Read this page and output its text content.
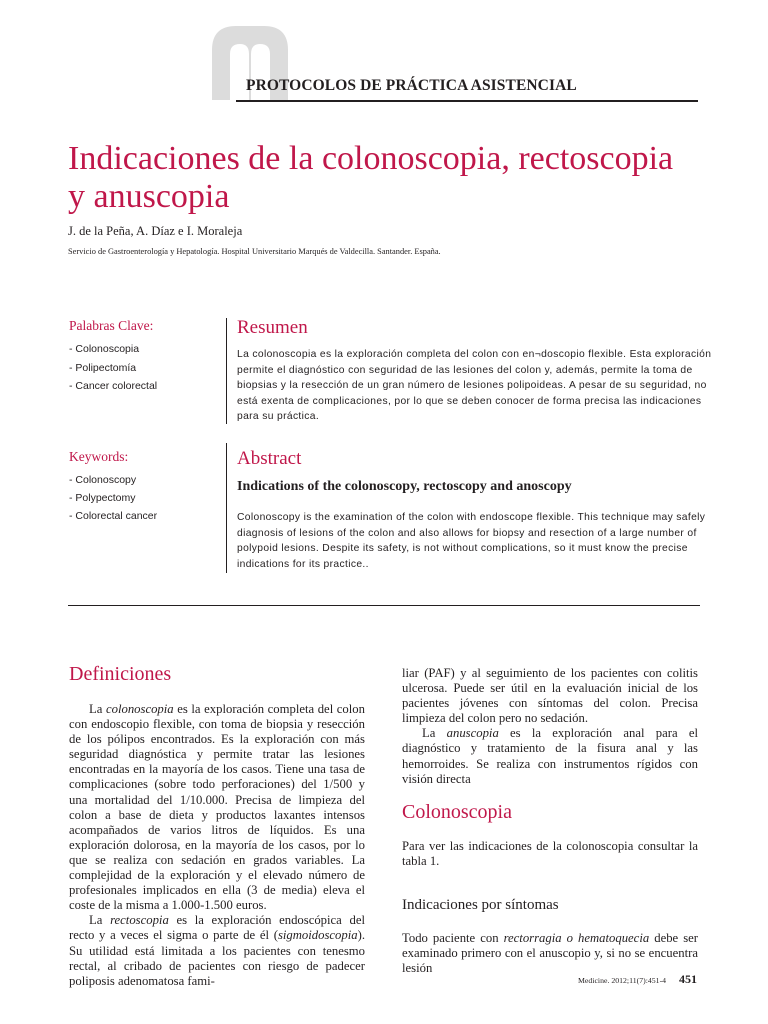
PROTOCOLOS DE PRÁCTICA ASISTENCIAL
Indicaciones de la colonoscopia, rectoscopia
y anuscopia
J. de la Peña, A. Díaz e I. Moraleja
Servicio de Gastroenterología y Hepatología. Hospital Universitario Marqués de Valdecilla. Santander. España.
Palabras Clave:
- Colonoscopia
- Polipectomía
- Cancer colorectal
Keywords:
- Colonoscopy
- Polypectomy
- Colorectal cancer
Resumen
La colonoscopia es la exploración completa del colon con en¬doscopio flexible. Esta exploración
permite el diagnóstico con seguridad de las lesiones del colon y, además, permite la toma de
biopsias y la resección de un gran número de lesiones polipoideas. A pesar de su seguridad, no
está exenta de complicaciones, por lo que se deben conocer de forma precisa las indicaciones
para su práctica.
Abstract
Indications of the colonoscopy, rectoscopy and anoscopy
Colonoscopy is the examination of the colon with endoscope flexible. This technique may safely
diagnosis of lesions of the colon and also allows for biopsy and resection of a large number of
polypoid lesions. Despite its safety, is not without complications, so it must know the precise
indications for its practice..
Definiciones

La colonoscopia es la exploración completa del colon con endoscopio flexible, con toma de biopsia y resección de los pólipos encontrados. Es la exploración con más seguridad diagnóstica y permite tratar las lesiones encontradas en la mayoría de los casos. Tiene una tasa de complicaciones (sobre todo perforaciones) del 1/500 y una mortalidad del 1/10.000. Precisa de limpieza del colon a base de dieta y productos laxantes intensos acompañados de varios litros de líquidos. Es una exploración dolorosa, en la mayoría de los casos, por lo que se realiza con sedación en grados variables. La complejidad de la exploración y el elevado número de profesionales implicados en ella (3 de media) eleva el coste de la misma a 1.000-1.500 euros.

La rectoscopia es la exploración endoscópica del recto y a veces el sigma o parte de él (sigmoidoscopia). Su utilidad está limitada a los pacientes con tenesmo rectal, al cribado de pacientes con riesgo de padecer poliposis adenomatosa fami-

liar (PAF) y al seguimiento de los pacientes con colitis ulcerosa. Puede ser útil en la evaluación inicial de los pacientes jóvenes con síntomas del colon. Precisa limpieza del colon pero no sedación.

La anuscopia es la exploración anal para el diagnóstico y tratamiento de la fisura anal y las hemorroides. Se realiza con instrumentos rígidos con visión directa

Colonoscopia
Para ver las indicaciones de la colonoscopia consultar la tabla 1.
Indicaciones por síntomas
Todo paciente con rectorragia o hematoquecia debe ser examinado primero con el anuscopio y, si no se encuentra lesión
Medicine. 2012;11(7):451-4 451
